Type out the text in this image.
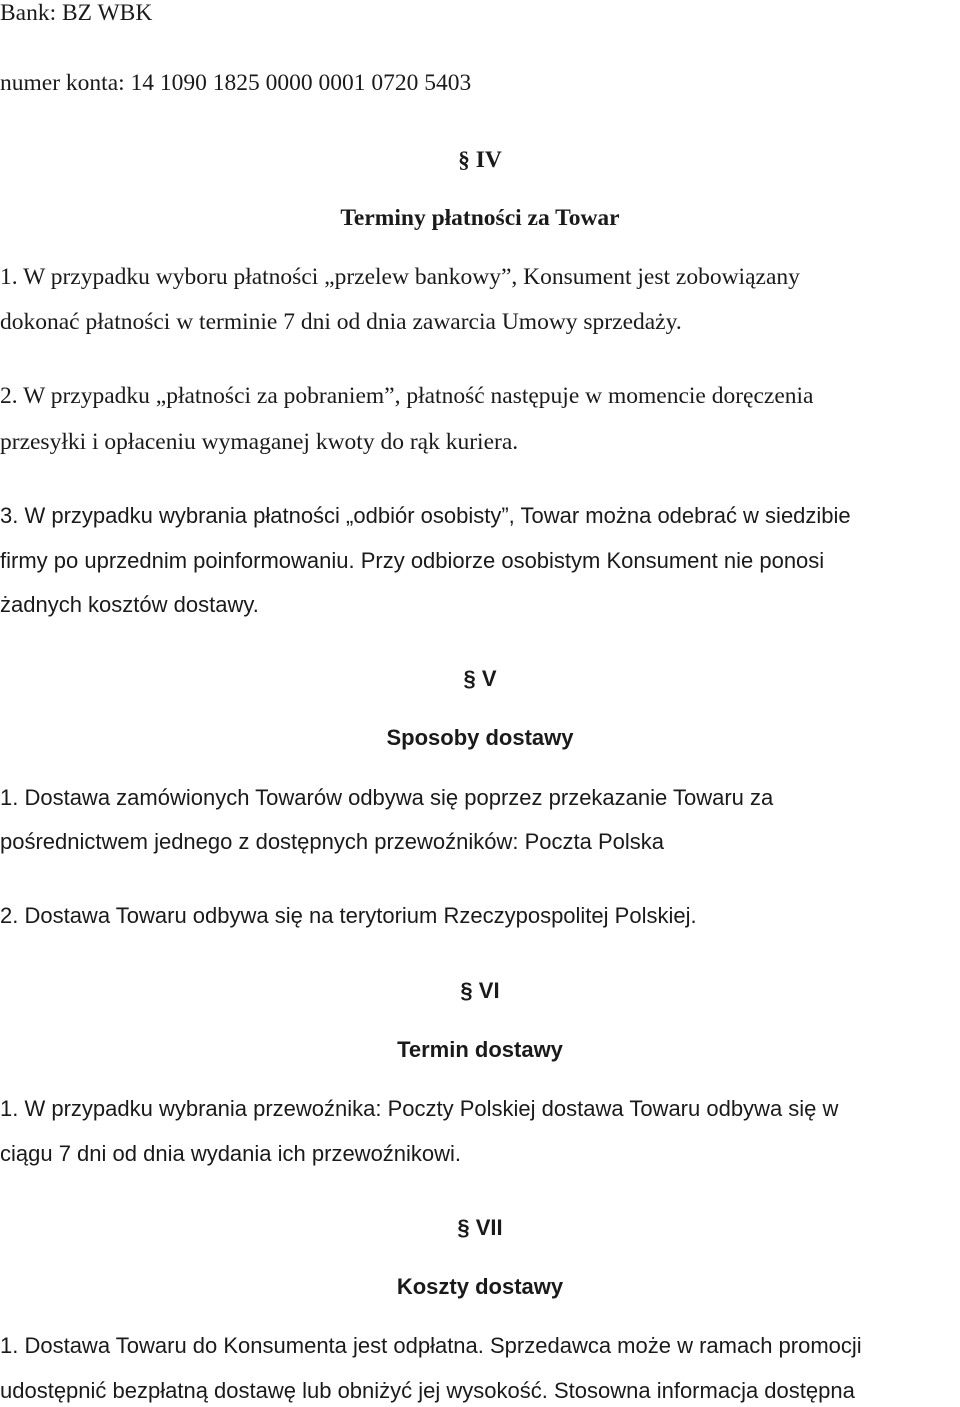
Bank: BZ WBK

numer konta: 14 1090 1825 0000 0001 0720 5403

§ IV

Terminy płatności za Towar

1. W przypadku wyboru płatności „przelew bankowy”, Konsument jest zobowiązany

dokonać płatności w terminie 7 dni od dnia zawarcia Umowy sprzedaży.

2. W przypadku „płatności za pobraniem”, płatność następuje w momencie doręczenia

przesyłki i opłaceniu wymaganej kwoty do rąk kuriera.

3. W przypadku wybrania płatności „odbiór osobisty”, Towar można odebrać w siedzibie

firmy po uprzednim poinformowaniu. Przy odbiorze osobistym Konsument nie ponosi

żadnych kosztów dostawy.

§ V

Sposoby dostawy

1. Dostawa zamówionych Towarów odbywa się poprzez przekazanie Towaru za

pośrednictwem jednego z dostępnych przewoźników: Poczta Polska

2. Dostawa Towaru odbywa się na terytorium Rzeczypospolitej Polskiej.

§ VI

Termin dostawy

1. W przypadku wybrania przewoźnika: Poczty Polskiej dostawa Towaru odbywa się w

ciągu 7 dni od dnia wydania ich przewoźnikowi.

§ VII

Koszty dostawy

1. Dostawa Towaru do Konsumenta jest odpłatna. Sprzedawca może w ramach promocji

udostępnić bezpłatną dostawę lub obniżyć jej wysokość. Stosowna informacja dostępna
